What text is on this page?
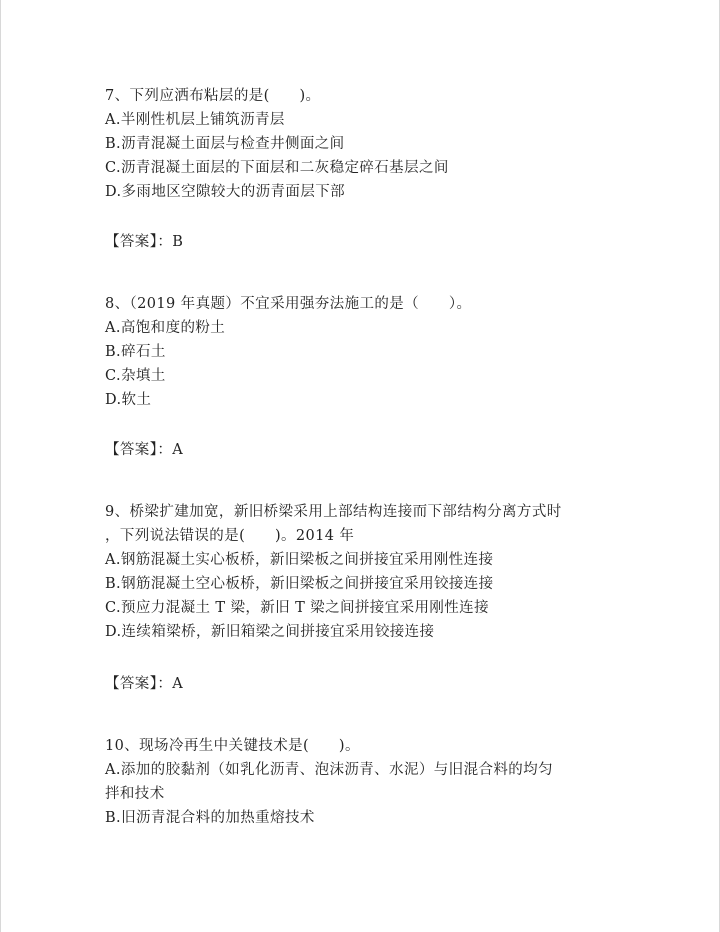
7、下列应洒布粘层的是(　　)。
A.半刚性机层上铺筑沥青层
B.沥青混凝土面层与检查井侧面之间
C.沥青混凝土面层的下面层和二灰稳定碎石基层之间
D.多雨地区空隙较大的沥青面层下部
【答案】：B
8、（2019 年真题）不宜采用强夯法施工的是（　　）。
A.高饱和度的粉土
B.碎石土
C.杂填土
D.软土
【答案】：A
9、桥梁扩建加宽，新旧桥梁采用上部结构连接而下部结构分离方式时
，下列说法错误的是(　　)。2014 年
A.钢筋混凝土实心板桥，新旧梁板之间拼接宜采用刚性连接
B.钢筋混凝土空心板桥，新旧梁板之间拼接宜采用铰接连接
C.预应力混凝土 T 梁，新旧 T 梁之间拼接宜采用刚性连接
D.连续箱梁桥，新旧箱梁之间拼接宜采用铰接连接
【答案】：A
10、现场冷再生中关键技术是(　　)。
A.添加的胶黏剂（如乳化沥青、泡沫沥青、水泥）与旧混合料的均匀
拌和技术
B.旧沥青混合料的加热重熔技术
